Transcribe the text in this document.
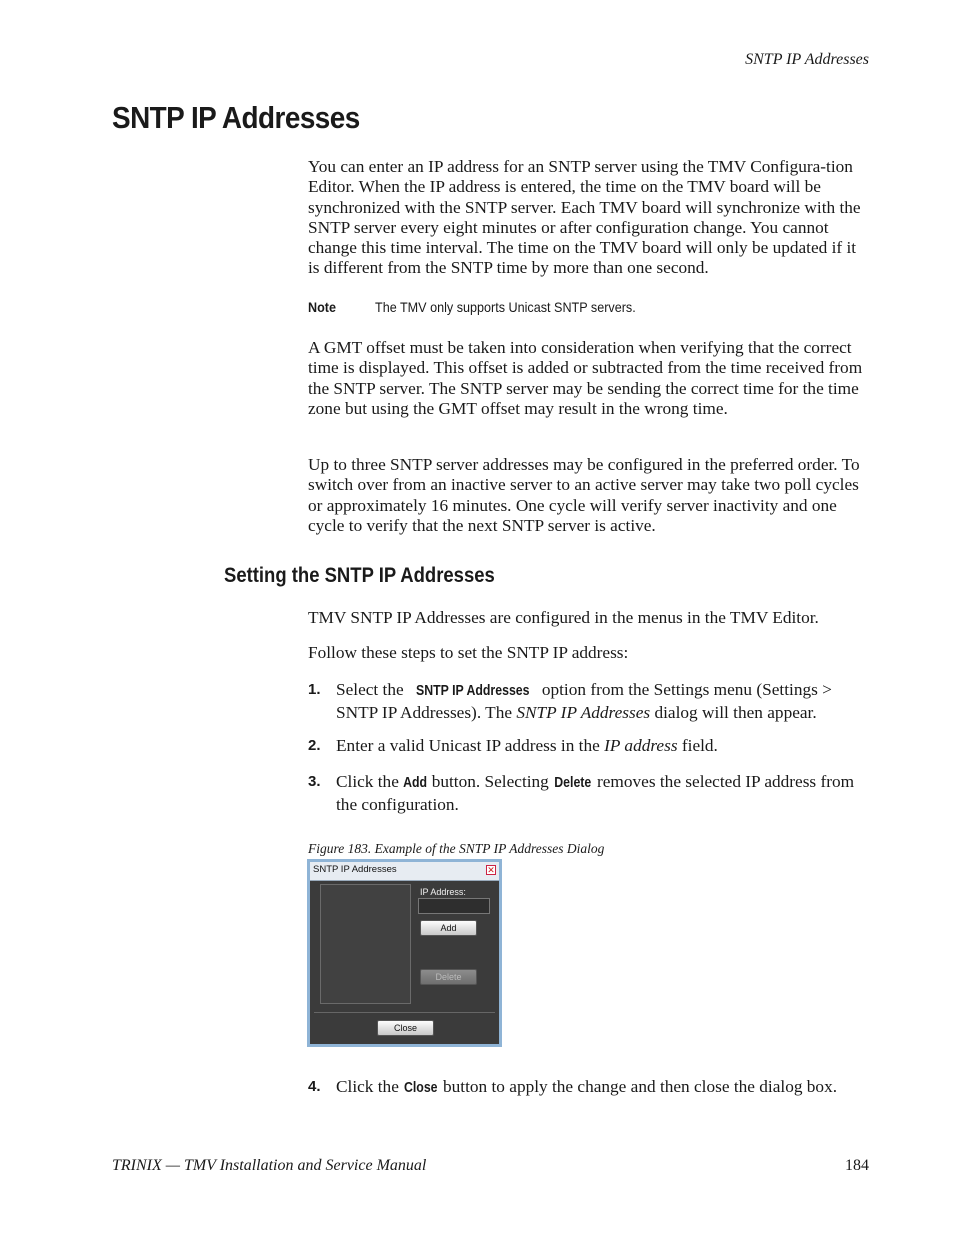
SNTP IP Addresses
SNTP IP Addresses

You can enter an IP address for an SNTP server using the TMV Configura-tion Editor. When the IP address is entered, the time on the TMV board will be synchronized with the SNTP server. Each TMV board will synchronize with the SNTP server every eight minutes or after configuration change. You cannot change this time interval. The time on the TMV board will only be updated if it is different from the SNTP time by more than one second.

Note	The TMV only supports Unicast SNTP servers.

A GMT offset must be taken into consideration when verifying that the correct time is displayed. This offset is added or subtracted from the time received from the SNTP server. The SNTP server may be sending the correct time for the time zone but using the GMT offset may result in the wrong time.

Up to three SNTP server addresses may be configured in the preferred order. To switch over from an inactive server to an active server may take two poll cycles or approximately 16 minutes. One cycle will verify server inactivity and one cycle to verify that the next SNTP server is active.

Setting the SNTP IP Addresses

TMV SNTP IP Addresses are configured in the menus in the TMV Editor.

Follow these steps to set the SNTP IP address:

1. Select the SNTP IP Addresses option from the Settings menu (Settings > SNTP IP Addresses). The SNTP IP Addresses dialog will then appear.
2. Enter a valid Unicast IP address in the IP address field.
3. Click the Add button. Selecting Delete removes the selected IP address from the configuration.
Figure 183. Example of the SNTP IP Addresses Dialog
SNTP IP Addresses	✕
IP Address:
Add
Delete
Close
4. Click the Close button to apply the change and then close the dialog box.
TRINIX — TMV Installation and Service Manual	184
